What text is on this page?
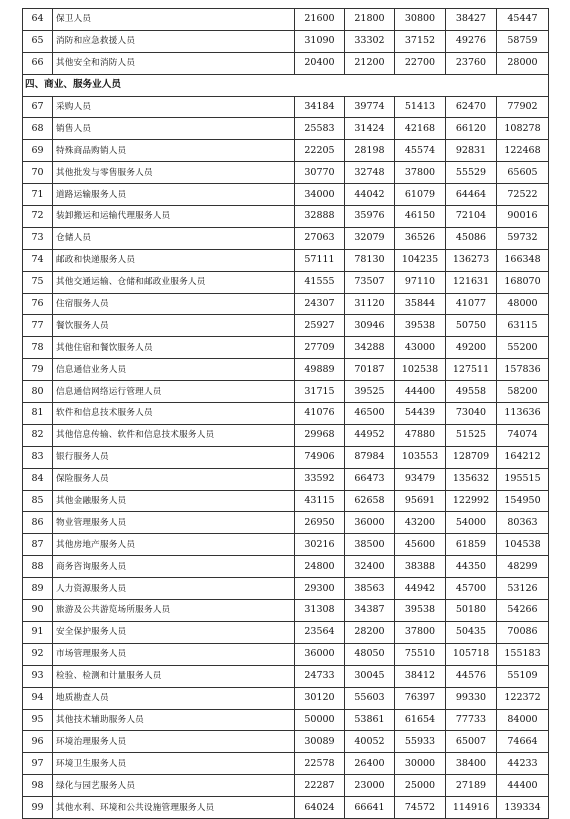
64	保卫人员	21600	21800	30800	38427	45447
65	消防和应急救援人员	31090	33302	37152	49276	58759
66	其他安全和消防人员	20400	21200	22700	23760	28000
四、商业、服务业人员						
67	采购人员	34184	39774	51413	62470	77902
68	销售人员	25583	31424	42168	66120	108278
69	特殊商品购销人员	22205	28198	45574	92831	122468
70	其他批发与零售服务人员	30770	32748	37800	55529	65605
71	道路运输服务人员	34000	44042	61079	64464	72522
72	装卸搬运和运输代理服务人员	32888	35976	46150	72104	90016
73	仓储人员	27063	32079	36526	45086	59732
74	邮政和快递服务人员	57111	78130	104235	136273	166348
75	其他交通运输、仓储和邮政业服务人员	41555	73507	97110	121631	168070
76	住宿服务人员	24307	31120	35844	41077	48000
77	餐饮服务人员	25927	30946	39538	50750	63115
78	其他住宿和餐饮服务人员	27709	34288	43000	49200	55200
79	信息通信业务人员	49889	70187	102538	127511	157836
80	信息通信网络运行管理人员	31715	39525	44400	49558	58200
81	软件和信息技术服务人员	41076	46500	54439	73040	113636
82	其他信息传输、软件和信息技术服务人员	29968	44952	47880	51525	74074
83	银行服务人员	74906	87984	103553	128709	164212
84	保险服务人员	33592	66473	93479	135632	195515
85	其他金融服务人员	43115	62658	95691	122992	154950
86	物业管理服务人员	26950	36000	43200	54000	80363
87	其他房地产服务人员	30216	38500	45600	61859	104538
88	商务咨询服务人员	24800	32400	38388	44350	48299
89	人力资源服务人员	29300	38563	44942	45700	53126
90	旅游及公共游览场所服务人员	31308	34387	39538	50180	54266
91	安全保护服务人员	23564	28200	37800	50435	70086
92	市场管理服务人员	36000	48050	75510	105718	155183
93	检验、检测和计量服务人员	24733	30045	38412	44576	55109
94	地质勘查人员	30120	55603	76397	99330	122372
95	其他技术辅助服务人员	50000	53861	61654	77733	84000
96	环境治理服务人员	30089	40052	55933	65007	74664
97	环境卫生服务人员	22578	26400	30000	38400	44233
98	绿化与园艺服务人员	22287	23000	25000	27189	44400
99	其他水利、环境和公共设施管理服务人员	64024	66641	74572	114916	139334
